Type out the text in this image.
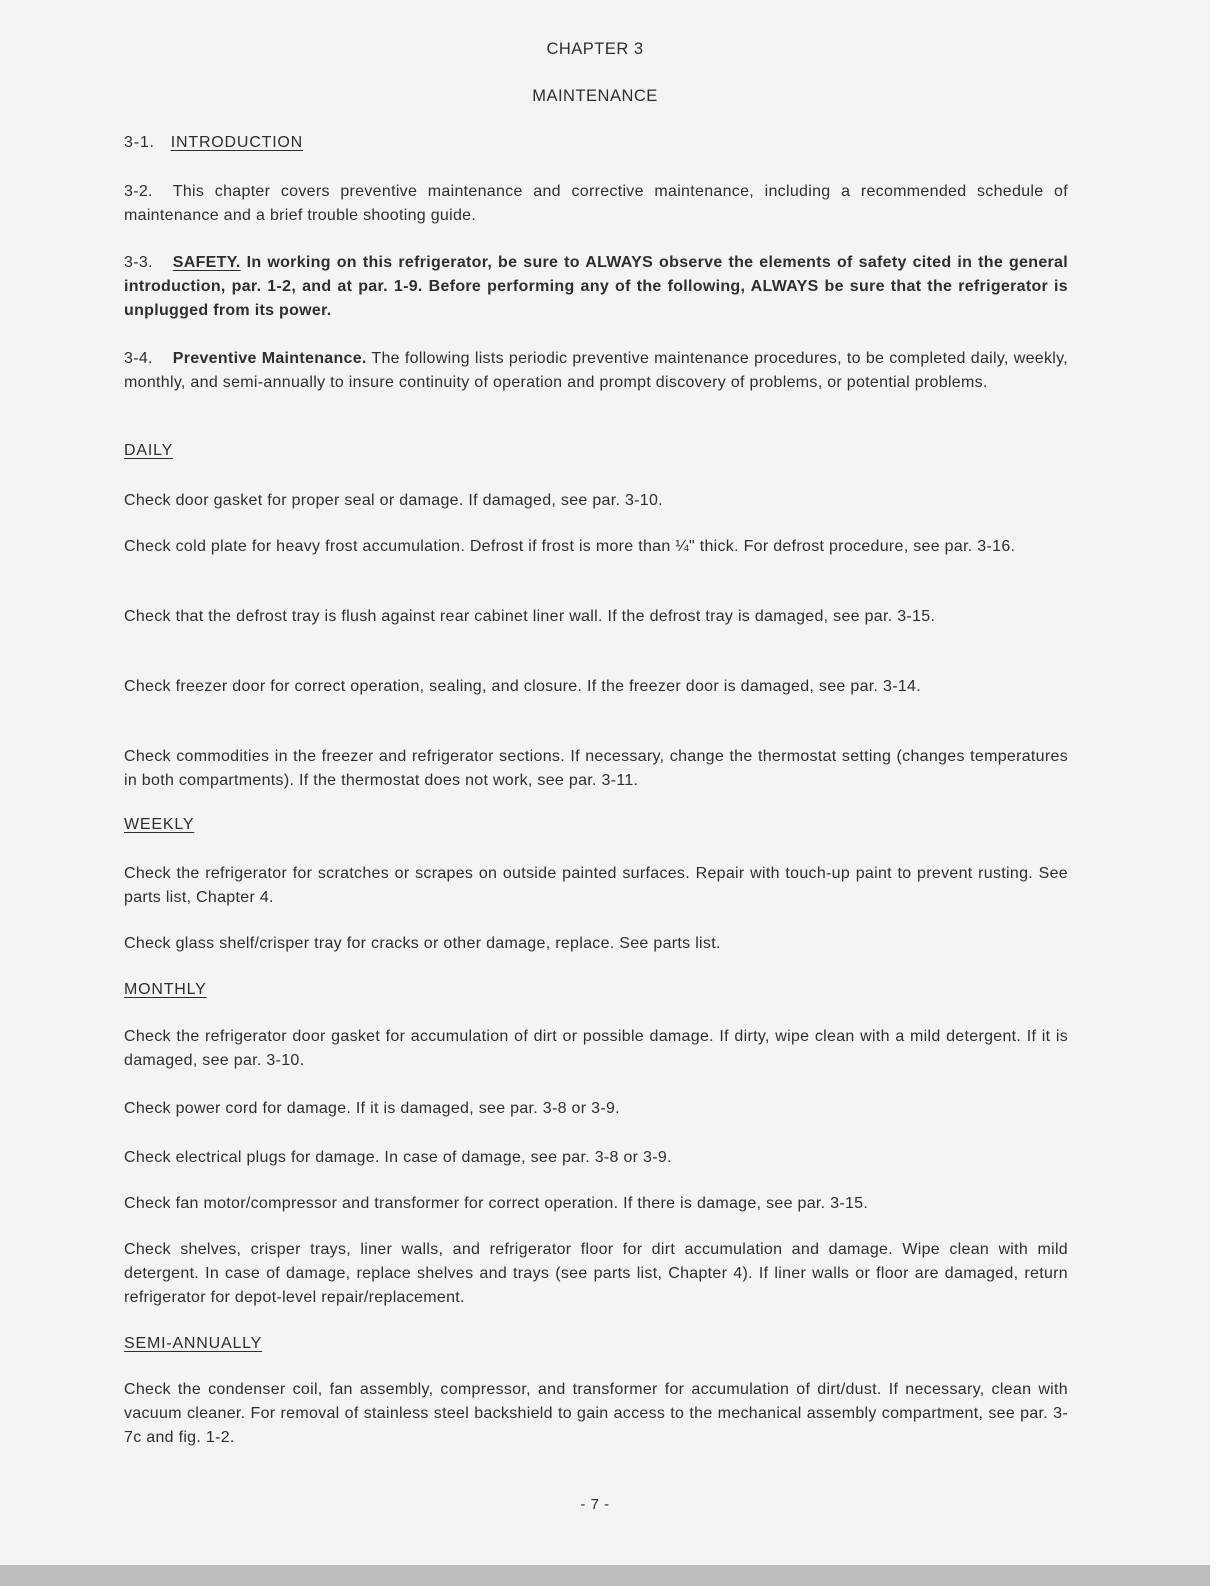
CHAPTER 3
MAINTENANCE
3-1. INTRODUCTION
3-2. This chapter covers preventive maintenance and corrective maintenance, including a recommended schedule of maintenance and a brief trouble shooting guide.
3-3. SAFETY. In working on this refrigerator, be sure to ALWAYS observe the elements of safety cited in the general introduction, par. 1-2, and at par. 1-9. Before performing any of the following, ALWAYS be sure that the refrigerator is unplugged from its power.
3-4. Preventive Maintenance. The following lists periodic preventive maintenance procedures, to be completed daily, weekly, monthly, and semi-annually to insure continuity of operation and prompt discovery of problems, or potential problems.
DAILY
Check door gasket for proper seal or damage. If damaged, see par. 3-10.
Check cold plate for heavy frost accumulation. Defrost if frost is more than ¼" thick. For defrost procedure, see par. 3-16.
Check that the defrost tray is flush against rear cabinet liner wall. If the defrost tray is damaged, see par. 3-15.
Check freezer door for correct operation, sealing, and closure. If the freezer door is damaged, see par. 3-14.
Check commodities in the freezer and refrigerator sections. If necessary, change the thermostat setting (changes temperatures in both compartments). If the thermostat does not work, see par. 3-11.
WEEKLY
Check the refrigerator for scratches or scrapes on outside painted surfaces. Repair with touch-up paint to prevent rusting. See parts list, Chapter 4.
Check glass shelf/crisper tray for cracks or other damage, replace. See parts list.
MONTHLY
Check the refrigerator door gasket for accumulation of dirt or possible damage. If dirty, wipe clean with a mild detergent. If it is damaged, see par. 3-10.
Check power cord for damage. If it is damaged, see par. 3-8 or 3-9.
Check electrical plugs for damage. In case of damage, see par. 3-8 or 3-9.
Check fan motor/compressor and transformer for correct operation. If there is damage, see par. 3-15.
Check shelves, crisper trays, liner walls, and refrigerator floor for dirt accumulation and damage. Wipe clean with mild detergent. In case of damage, replace shelves and trays (see parts list, Chapter 4). If liner walls or floor are damaged, return refrigerator for depot-level repair/replacement.
SEMI-ANNUALLY
Check the condenser coil, fan assembly, compressor, and transformer for accumulation of dirt/dust. If necessary, clean with vacuum cleaner. For removal of stainless steel backshield to gain access to the mechanical assembly compartment, see par. 3-7c and fig. 1-2.
- 7 -
